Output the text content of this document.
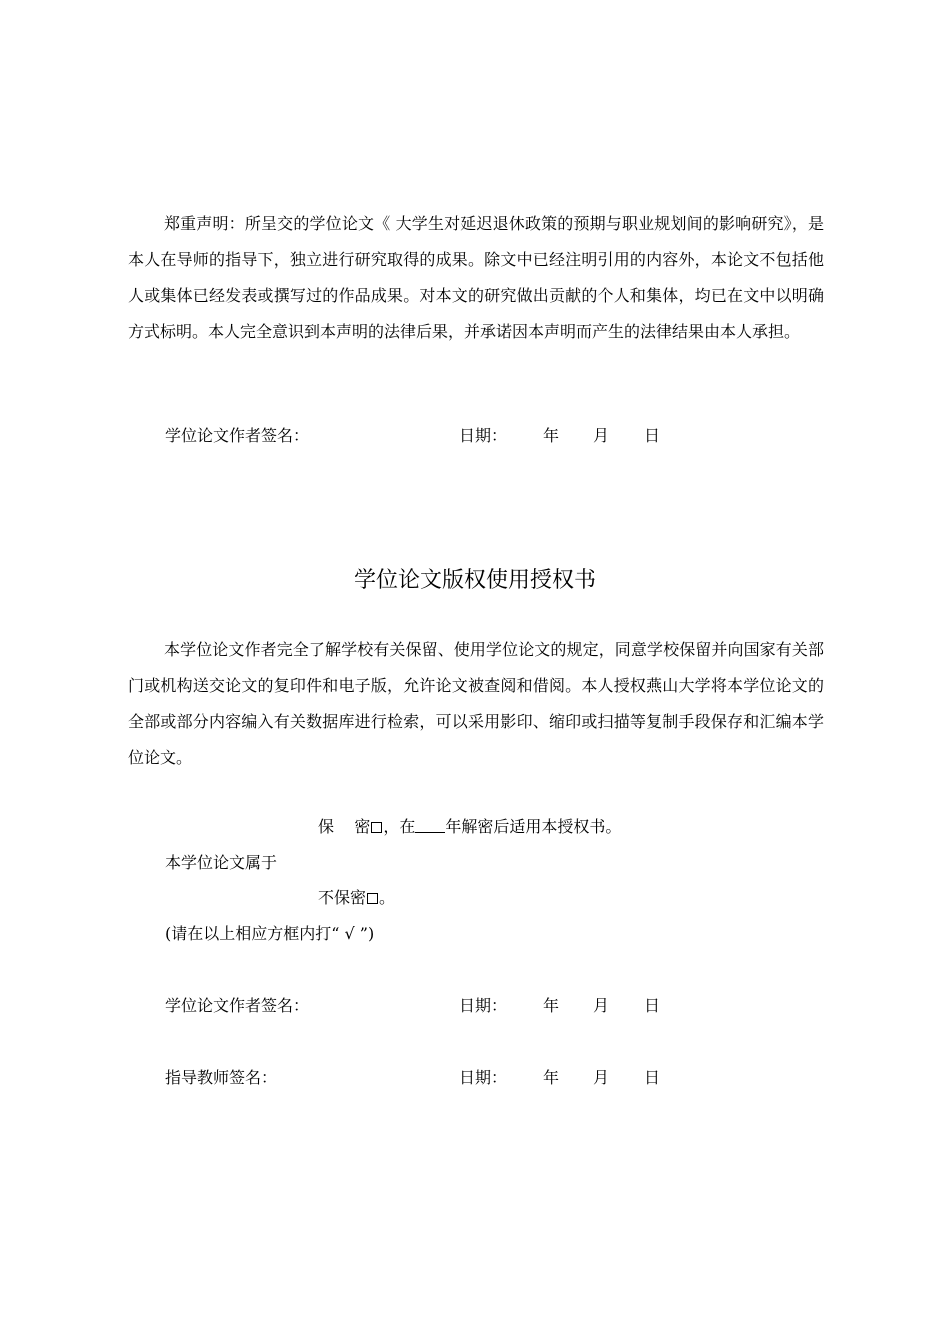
郑重声明：所呈交的学位论文《 大学生对延迟退休政策的预期与职业规划间的影响研究》，是本人在导师的指导下，独立进行研究取得的成果。除文中已经注明引用的内容外，本论文不包括他人或集体已经发表或撰写过的作品成果。对本文的研究做出贡献的个人和集体，均已在文中以明确方式标明。本人完全意识到本声明的法律后果，并承诺因本声明而产生的法律结果由本人承担。

学位论文作者签名：	日期： 年 月 日
学位论文版权使用授权书

本学位论文作者完全了解学校有关保留、使用学位论文的规定，同意学校保留并向国家有关部门或机构送交论文的复印件和电子版，允许论文被查阅和借阅。本人授权燕山大学将本学位论文的全部或部分内容编入有关数据库进行检索，可以采用影印、缩印或扫描等复制手段保存和汇编本学位论文。

保    密 ，在 年解密后适用本授权书。
本学位论文属于
不保密 。
(请在以上相应方框内打“ √ ”)
学位论文作者签名：	日期： 年 月 日
指导教师签名：	日期： 年 月 日
